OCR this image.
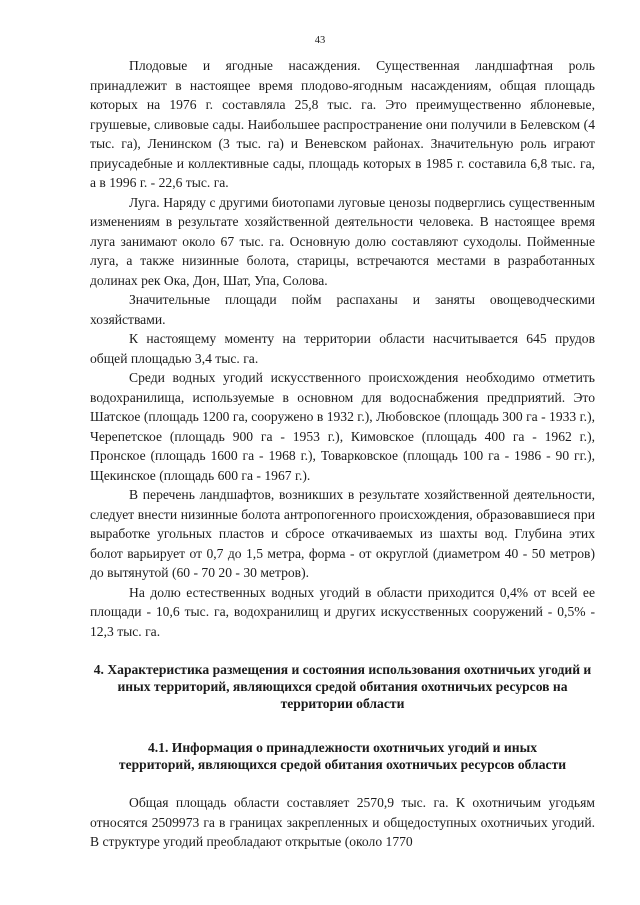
43

Плодовые и ягодные насаждения. Существенная ландшафтная роль принадлежит в настоящее время плодово-ягодным насаждениям, общая площадь которых на 1976 г. составляла 25,8 тыс. га. Это преимущественно яблоневые, грушевые, сливовые сады. Наибольшее распространение они получили в Белевском (4 тыс. га), Ленинском (3 тыс. га) и Веневском районах. Значительную роль играют приусадебные и коллективные сады, площадь которых в 1985 г. составила 6,8 тыс. га, а в 1996 г. - 22,6 тыс. га.

Луга. Наряду с другими биотопами луговые ценозы подверглись существенным изменениям в результате хозяйственной деятельности человека. В настоящее время луга занимают около 67 тыс. га. Основную долю составляют суходолы. Пойменные луга, а также низинные болота, старицы, встречаются местами в разработанных долинах рек Ока, Дон, Шат, Упа, Солова.

Значительные площади пойм распаханы и заняты овощеводческими хозяйствами.

К настоящему моменту на территории области насчитывается 645 прудов общей площадью 3,4 тыс. га.

Среди водных угодий искусственного происхождения необходимо отметить водохранилища, используемые в основном для водоснабжения предприятий. Это Шатское (площадь 1200 га, сооружено в 1932 г.), Любовское (площадь 300 га - 1933 г.), Черепетское (площадь 900 га - 1953 г.), Кимовское (площадь 400 га - 1962 г.), Пронское (площадь 1600 га - 1968 г.), Товарковское (площадь 100 га - 1986 - 90 гг.), Щекинское (площадь 600 га - 1967 г.).

В перечень ландшафтов, возникших в результате хозяйственной деятельности, следует внести низинные болота антропогенного происхождения, образовавшиеся при выработке угольных пластов и сбросе откачиваемых из шахты вод. Глубина этих болот варьирует от 0,7 до 1,5 метра, форма - от округлой (диаметром 40 - 50 метров) до вытянутой (60 - 70 20 - 30 метров).

На долю естественных водных угодий в области приходится 0,4% от всей ее площади - 10,6 тыс. га, водохранилищ и других искусственных сооружений - 0,5% - 12,3 тыс. га.

4. Характеристика размещения и состояния использования охотничьих угодий и иных территорий, являющихся средой обитания охотничьих ресурсов на территории области

4.1. Информация о принадлежности охотничьих угодий и иных территорий, являющихся средой обитания охотничьих ресурсов области

Общая площадь области составляет 2570,9 тыс. га. К охотничьим угодьям относятся 2509973 га в границах закрепленных и общедоступных охотничьих угодий. В структуре угодий преобладают открытые (около 1770
